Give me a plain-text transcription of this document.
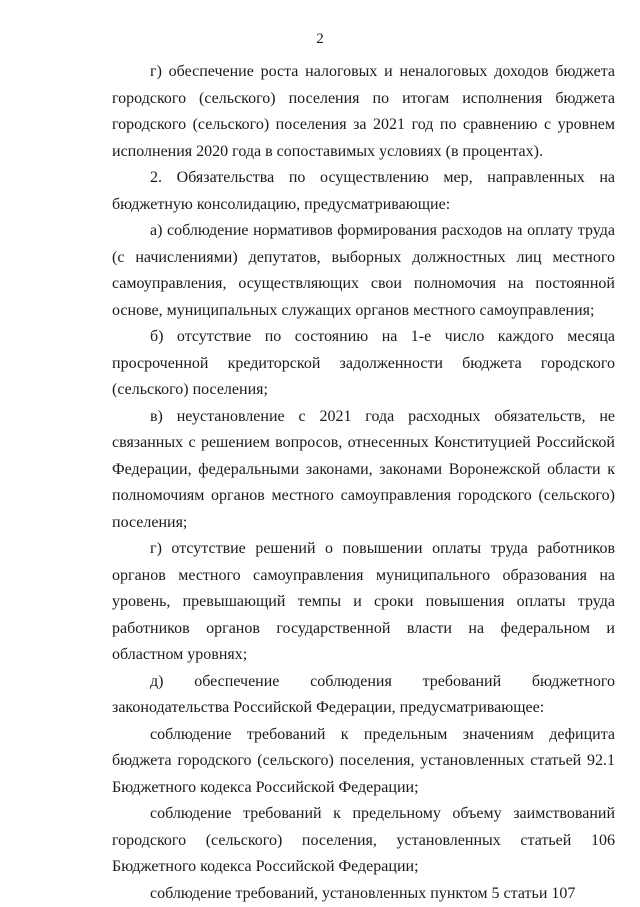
2

г) обеспечение роста налоговых и неналоговых доходов бюджета городского (сельского) поселения по итогам исполнения бюджета городского (сельского) поселения за 2021 год по сравнению с уровнем исполнения 2020 года в сопоставимых условиях (в процентах).

2. Обязательства по осуществлению мер, направленных на бюджетную консолидацию, предусматривающие:

а) соблюдение нормативов формирования расходов на оплату труда (с начислениями) депутатов, выборных должностных лиц местного самоуправления, осуществляющих свои полномочия на постоянной основе, муниципальных служащих органов местного самоуправления;

б) отсутствие по состоянию на 1-е число каждого месяца просроченной кредиторской задолженности бюджета городского (сельского) поселения;

в) неустановление с 2021 года расходных обязательств, не связанных с решением вопросов, отнесенных Конституцией Российской Федерации, федеральными законами, законами Воронежской области к полномочиям органов местного самоуправления городского (сельского) поселения;

г) отсутствие решений о повышении оплаты труда работников органов местного самоуправления муниципального образования на уровень, превышающий темпы и сроки повышения оплаты труда работников органов государственной власти на федеральном и областном уровнях;

д) обеспечение соблюдения требований бюджетного законодательства Российской Федерации, предусматривающее:

соблюдение требований к предельным значениям дефицита бюджета городского (сельского) поселения, установленных статьей 92.1 Бюджетного кодекса Российской Федерации;

соблюдение требований к предельному объему заимствований городского (сельского) поселения, установленных статьей 106 Бюджетного кодекса Российской Федерации;

соблюдение требований, установленных пунктом 5 статьи 107
